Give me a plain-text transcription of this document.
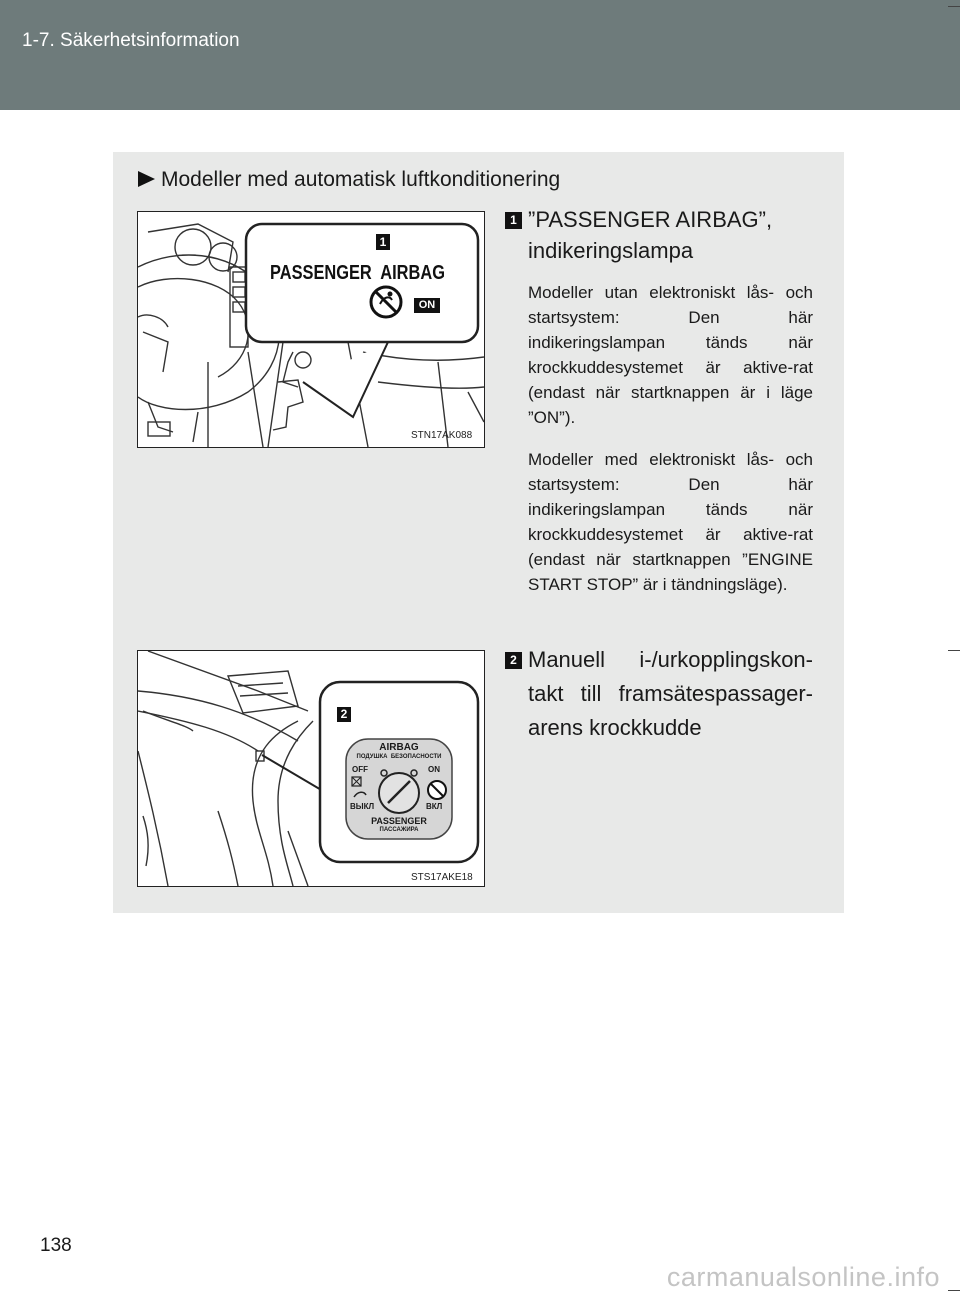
1-7. Säkerhetsinformation
Modeller med automatisk luftkonditionering
1
PASSENGER  AIRBAG
ON
STN17AK088
1 ”PASSENGER AIRBAG”,
indikeringslampa
Modeller utan elektroniskt lås- och startsystem: Den här indikeringslampan tänds när krockkuddesystemet är aktive-rat (endast när startknappen är i läge ”ON”).
Modeller med elektroniskt lås- och startsystem: Den här indikeringslampan tänds när krockkuddesystemet är aktive-rat (endast när startknappen ”ENGINE START STOP” är i tändningsläge).
2
AIRBAG
ПОДУШКА  БЕЗОПАСНОСТИ
OFF	ON
ВЫКЛ	ВКЛ
PASSENGER
ПАССАЖИРА
STS17AKE18
2 Manuell i-/urkopplingskon-takt till framsätespassager-arens krockkudde
138
carmanualsonline.info
